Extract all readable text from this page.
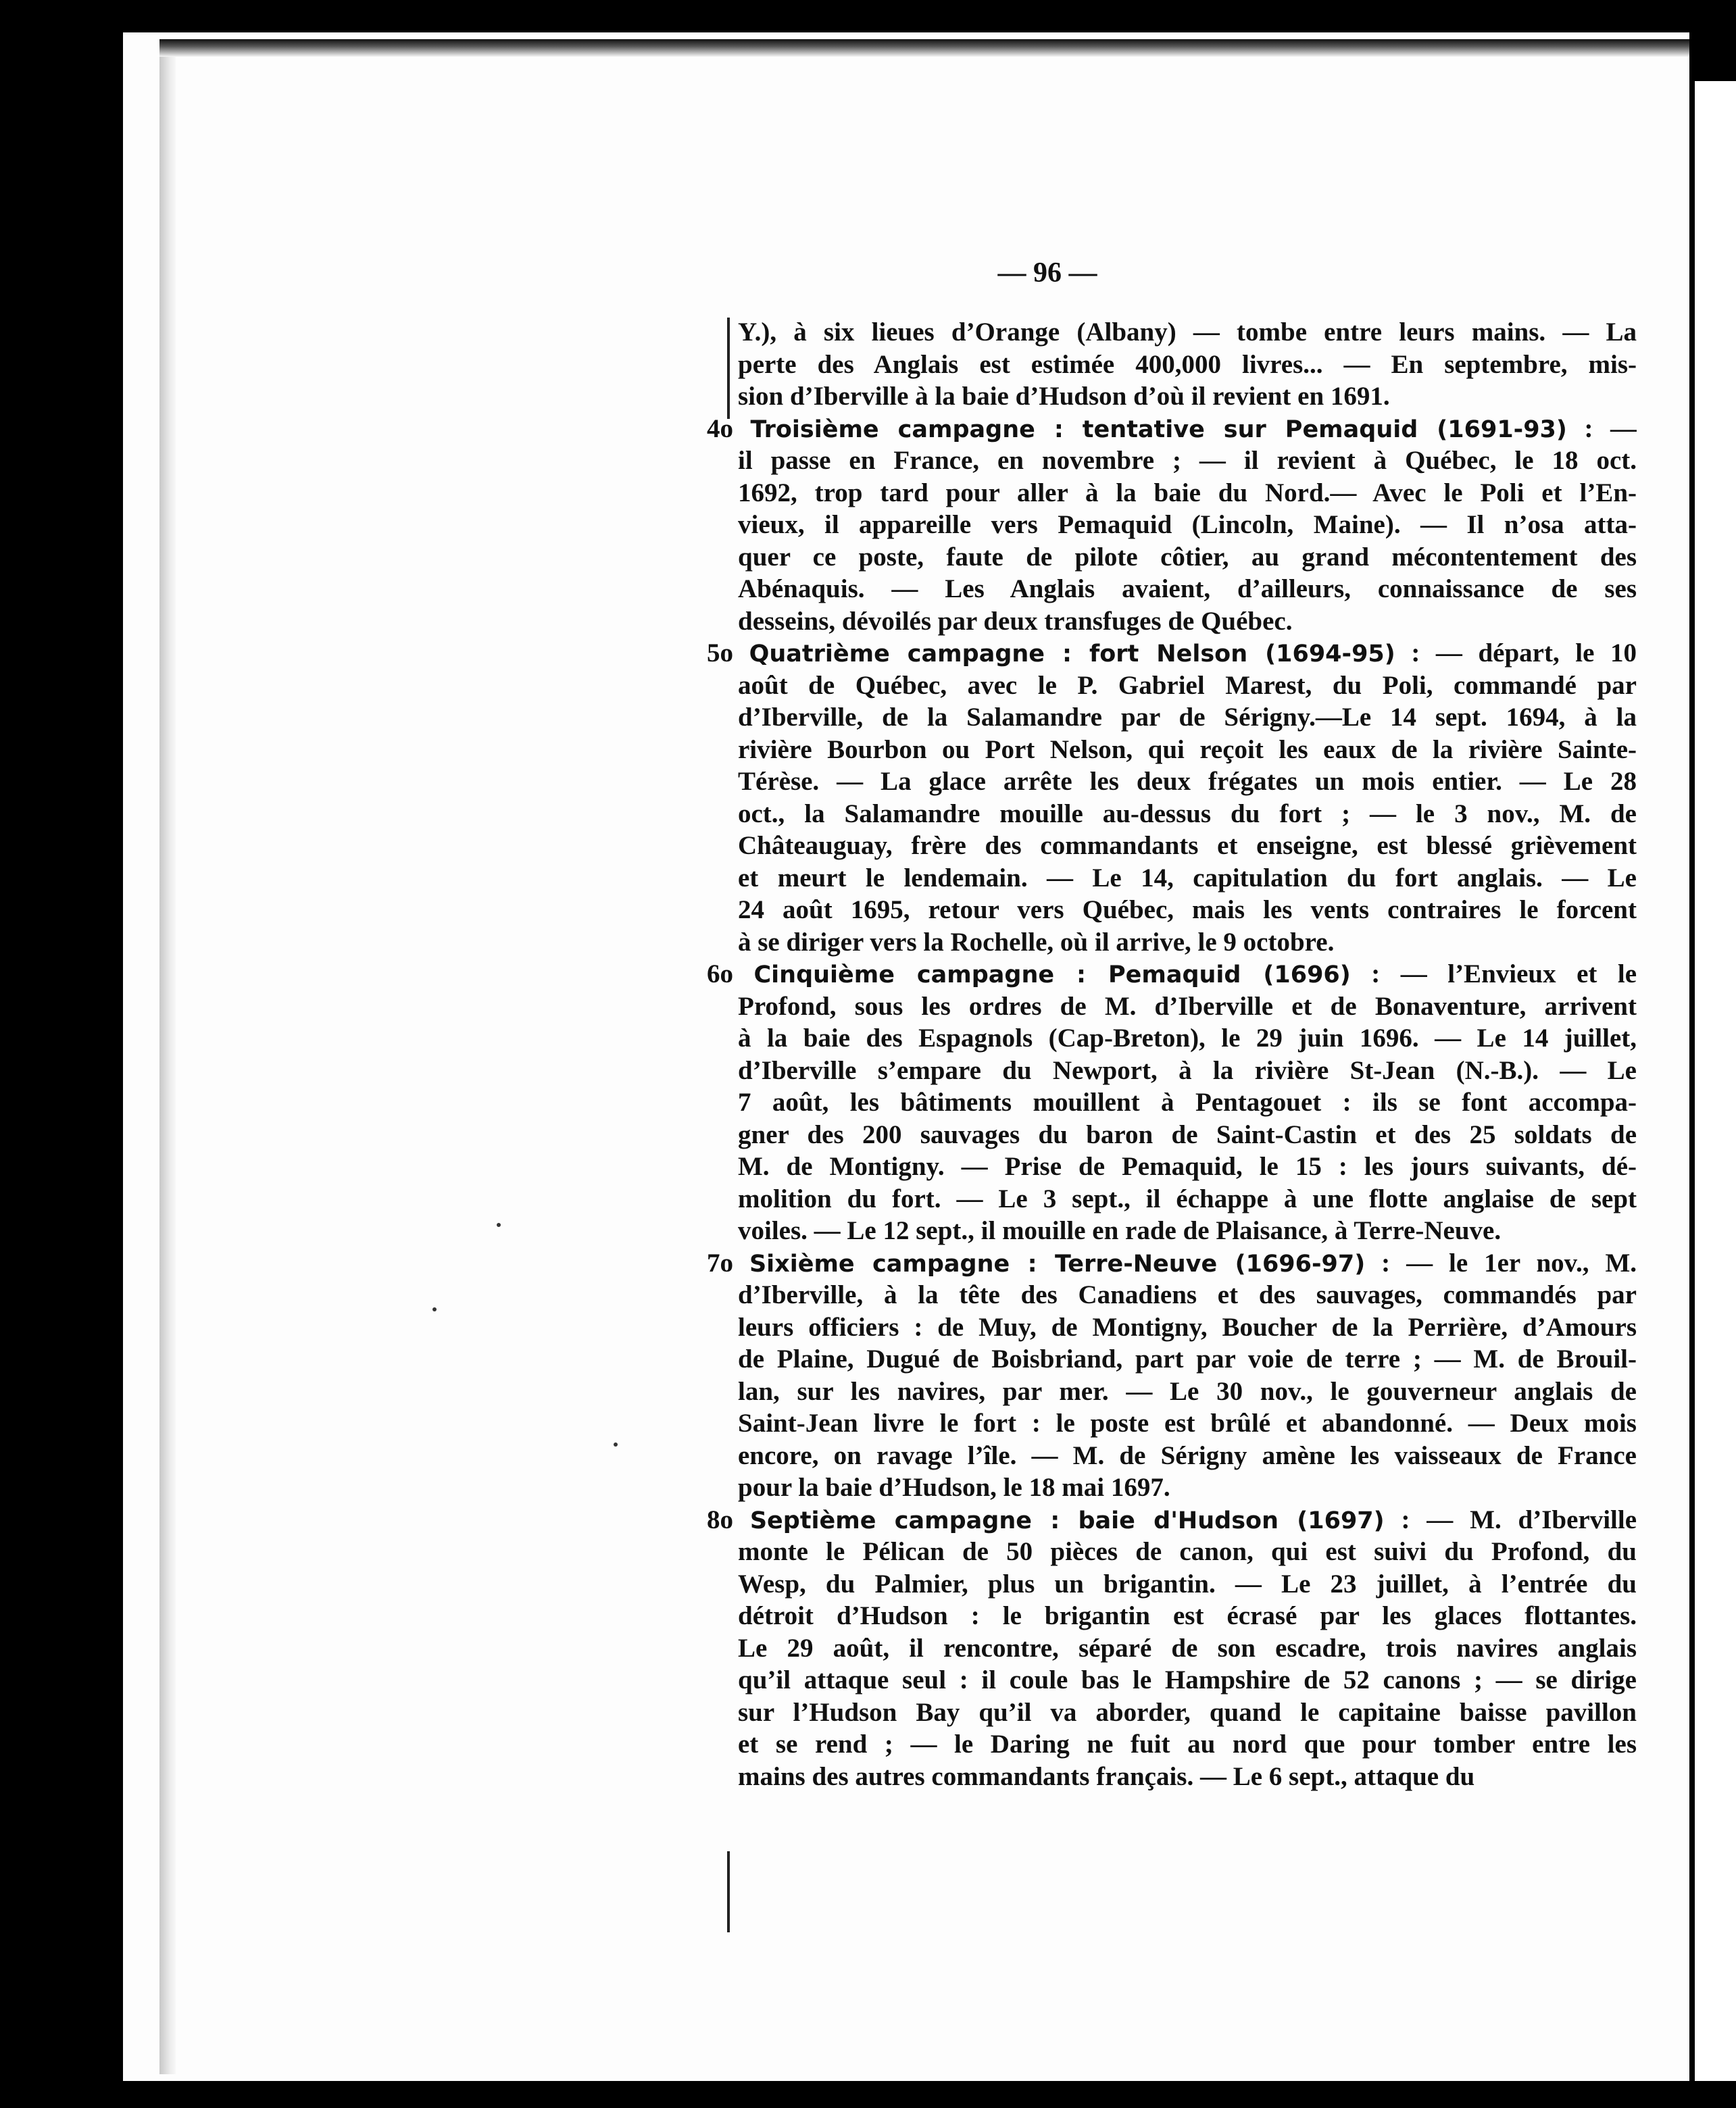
— 96 —
Y.), à six lieues d’Orange (Albany) — tombe entre leurs mains. — La
perte des Anglais est estimée 400,000 livres... — En septembre, mis-
sion d’Iberville à la baie d’Hudson d’où il revient en 1691.
4o Troisième campagne : tentative sur Pemaquid (1691-93) : —
il passe en France, en novembre ; — il revient à Québec, le 18 oct.
1692, trop tard pour aller à la baie du Nord.— Avec le Poli et l’En-
vieux, il appareille vers Pemaquid (Lincoln, Maine). — Il n’osa atta-
quer ce poste, faute de pilote côtier, au grand mécontentement des
Abénaquis. — Les Anglais avaient, d’ailleurs, connaissance de ses
desseins, dévoilés par deux transfuges de Québec.
5o Quatrième campagne : fort Nelson (1694-95) : — départ, le 10
août de Québec, avec le P. Gabriel Marest, du Poli, commandé par
d’Iberville, de la Salamandre par de Sérigny.—Le 14 sept. 1694, à la
rivière Bourbon ou Port Nelson, qui reçoit les eaux de la rivière Sainte-
Térèse. — La glace arrête les deux frégates un mois entier. — Le 28
oct., la Salamandre mouille au-dessus du fort ; — le 3 nov., M. de
Châteauguay, frère des commandants et enseigne, est blessé grièvement
et meurt le lendemain. — Le 14, capitulation du fort anglais. — Le
24 août 1695, retour vers Québec, mais les vents contraires le forcent
à se diriger vers la Rochelle, où il arrive, le 9 octobre.
6o Cinquième campagne : Pemaquid (1696) : — l’Envieux et le
Profond, sous les ordres de M. d’Iberville et de Bonaventure, arrivent
à la baie des Espagnols (Cap-Breton), le 29 juin 1696. — Le 14 juillet,
d’Iberville s’empare du Newport, à la rivière St-Jean (N.-B.). — Le
7 août, les bâtiments mouillent à Pentagouet : ils se font accompa-
gner des 200 sauvages du baron de Saint-Castin et des 25 soldats de
M. de Montigny. — Prise de Pemaquid, le 15 : les jours suivants, dé-
molition du fort. — Le 3 sept., il échappe à une flotte anglaise de sept
voiles. — Le 12 sept., il mouille en rade de Plaisance, à Terre-Neuve.
7o Sixième campagne : Terre-Neuve (1696-97) : — le 1er nov., M.
d’Iberville, à la tête des Canadiens et des sauvages, commandés par
leurs officiers : de Muy, de Montigny, Boucher de la Perrière, d’Amours
de Plaine, Dugué de Boisbriand, part par voie de terre ; — M. de Brouil-
lan, sur les navires, par mer. — Le 30 nov., le gouverneur anglais de
Saint-Jean livre le fort : le poste est brûlé et abandonné. — Deux mois
encore, on ravage l’île. — M. de Sérigny amène les vaisseaux de France
pour la baie d’Hudson, le 18 mai 1697.
8o Septième campagne : baie d'Hudson (1697) : — M. d’Iberville
monte le Pélican de 50 pièces de canon, qui est suivi du Profond, du
Wesp, du Palmier, plus un brigantin. — Le 23 juillet, à l’entrée du
détroit d’Hudson : le brigantin est écrasé par les glaces flottantes.
Le 29 août, il rencontre, séparé de son escadre, trois navires anglais
qu’il attaque seul : il coule bas le Hampshire de 52 canons ; — se dirige
sur l’Hudson Bay qu’il va aborder, quand le capitaine baisse pavillon
et se rend ; — le Daring ne fuit au nord que pour tomber entre les
mains des autres commandants français. — Le 6 sept., attaque du
